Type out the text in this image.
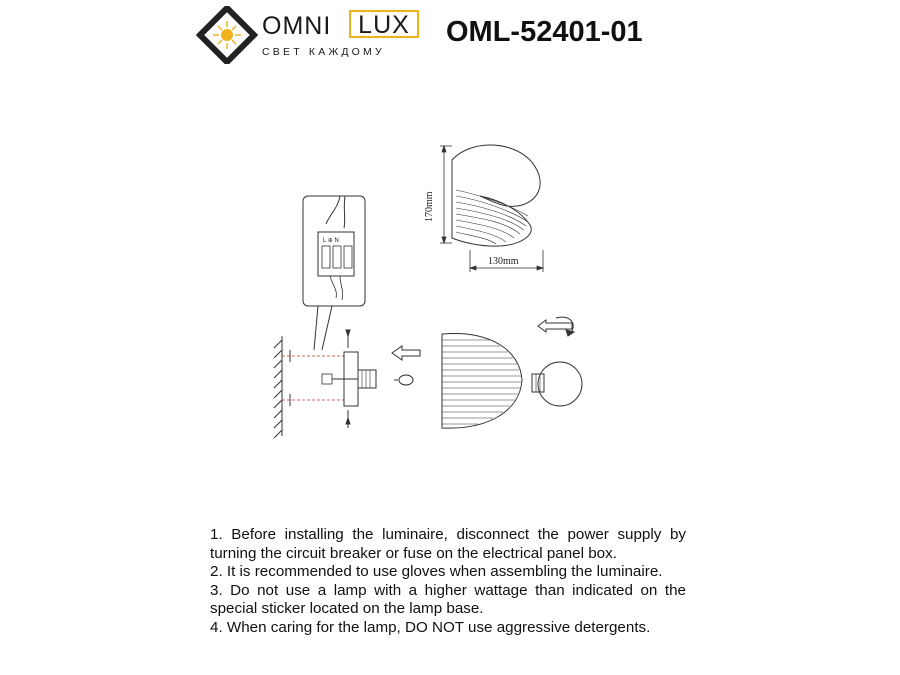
OMNI LUX
СВЕТ КАЖДОМУ
OML-52401-01
170mm
130mm
L ⊕ N

1. Before installing the luminaire, disconnect the power supply by turning the circuit breaker or fuse on the electrical panel box.

2. It is recommended to use gloves when assembling the luminaire.

3. Do not use a lamp with a higher wattage than indicated on the special sticker located on the lamp base.

4. When caring for the lamp, DO NOT use aggressive detergents.
